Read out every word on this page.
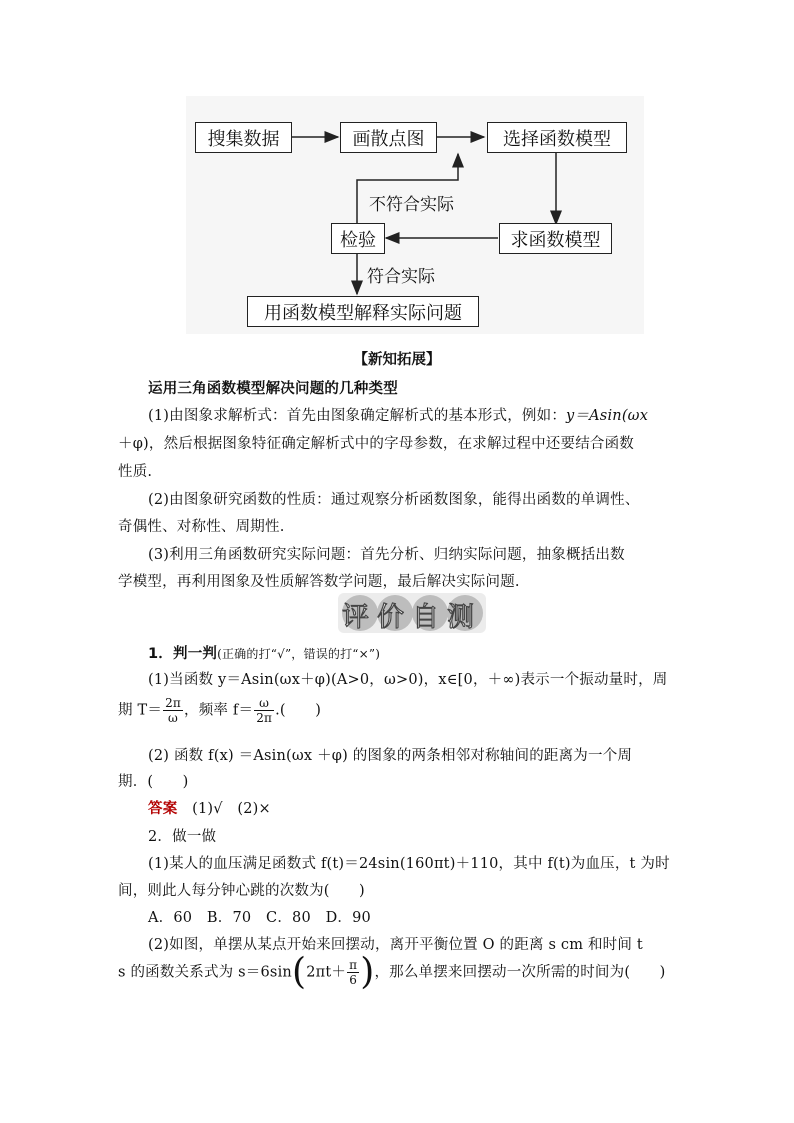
搜集数据	画散点图	选择函数模型
求函数模型
检验
用函数模型解释实际问题
不符合实际
符合实际
【新知拓展】
运用三角函数模型解决问题的几种类型
(1)由图象求解析式：首先由图象确定解析式的基本形式，例如：y＝Asin(ωx
＋φ)，然后根据图象特征确定解析式中的字母参数，在求解过程中还要结合函数
性质.
(2)由图象研究函数的性质：通过观察分析函数图象，能得出函数的单调性、
奇偶性、对称性、周期性.
(3)利用三角函数研究实际问题：首先分析、归纳实际问题，抽象概括出数
学模型，再利用图象及性质解答数学问题，最后解决实际问题.
评价自测
1．判一判(正确的打“√”，错误的打“×”)
(1)当函数 y＝Asin(ωx＋φ)(A>0，ω>0)，x∈[0，＋∞)表示一个振动量时，周
期 $T= \frac{2\pi}{\omega}$ ，频率 $f= \frac{\omega}{2\pi}$ .(　　)
(2) 函数 f(x) ＝Asin(ωx ＋φ) 的图象的两条相邻对称轴间的距离为一个周
期．(　　)
答案　 (1)√　(2)×
2．做一做
(1)某人的血压满足函数式 f(t)＝24sin(160πt)＋110，其中 f(t)为血压，t 为时
间，则此人每分钟心跳的次数为(　　)
A．60　B．70　C．80　D．90
(2)如图，单摆从某点开始来回摆动，离开平衡位置 O 的距离 s cm 和时间 t
s 的函数关系式为 $s=6\sin(2\pi t+ \frac{\pi}{6}$ )，那么单摆来回摆动一次所需的时间为(　　)
